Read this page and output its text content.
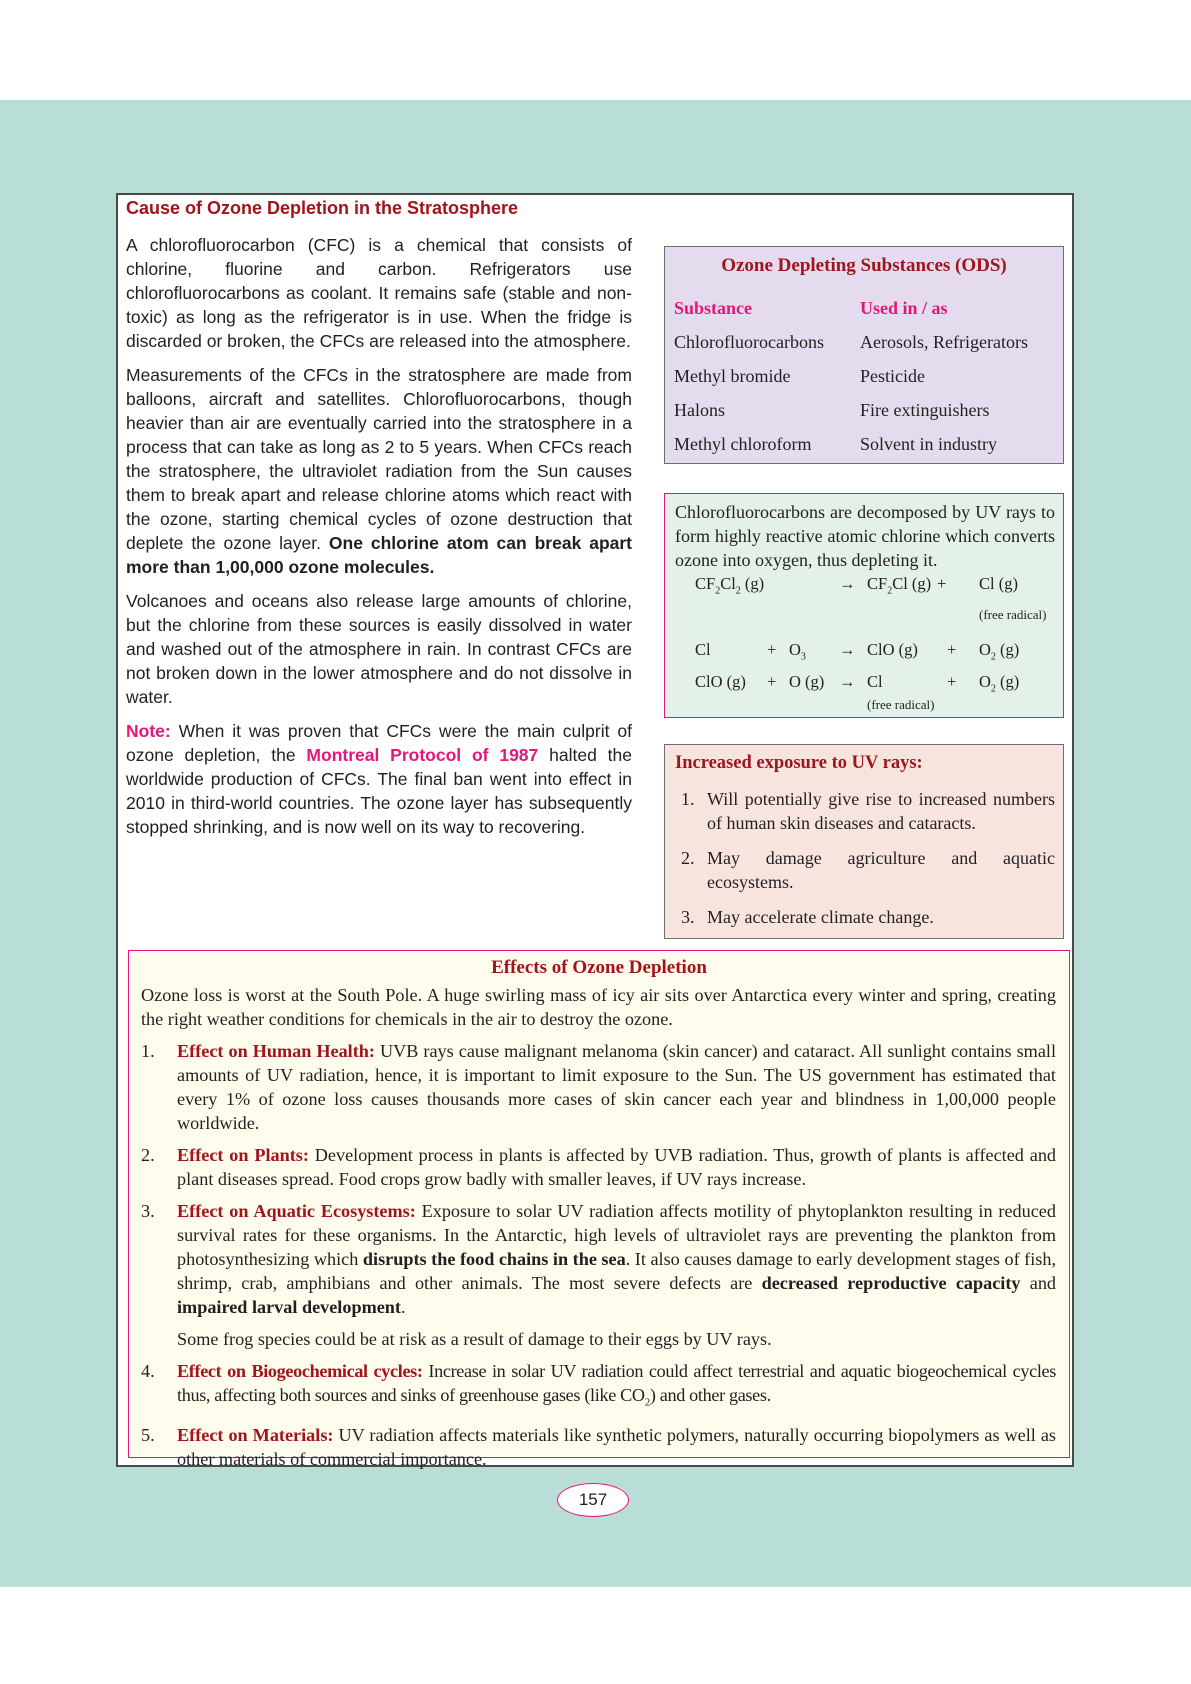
Cause of Ozone Depletion in the Stratosphere

A chlorofluorocarbon (CFC) is a chemical that consists of chlorine, fluorine and carbon. Refrigerators use chlorofluorocarbons as coolant. It remains safe (stable and non-toxic) as long as the refrigerator is in use. When the fridge is discarded or broken, the CFCs are released into the atmosphere.

Measurements of the CFCs in the stratosphere are made from balloons, aircraft and satellites. Chlorofluorocarbons, though heavier than air are eventually carried into the stratosphere in a process that can take as long as 2 to 5 years. When CFCs reach the stratosphere, the ultraviolet radiation from the Sun causes them to break apart and release chlorine atoms which react with the ozone, starting chemical cycles of ozone destruction that deplete the ozone layer. One chlorine atom can break apart more than 1,00,000 ozone molecules.

Volcanoes and oceans also release large amounts of chlorine, but the chlorine from these sources is easily dissolved in water and washed out of the atmosphere in rain. In contrast CFCs are not broken down in the lower atmosphere and do not dissolve in water.

Note: When it was proven that CFCs were the main culprit of ozone depletion, the Montreal Protocol of 1987 halted the worldwide production of CFCs. The final ban went into effect in 2010 in third-world countries. The ozone layer has subsequently stopped shrinking, and is now well on its way to recovering.

Ozone Depleting Substances (ODS)
Substance	Used in / as
Chlorofluorocarbons	Aerosols, Refrigerators
Methyl bromide	Pesticide
Halons	Fire extinguishers
Methyl chloroform	Solvent in industry
Chlorofluorocarbons are decomposed by UV rays to form highly reactive atomic chlorine which converts ozone into oxygen, thus depleting it.
$CF_2Cl_2$ (g)	→ $CF_2Cl$ (g) + Cl (g)
(free radical)
Cl	+ $O_3$ → ClO $(g) + O_2$ (g)
ClO (g) + O (g) → Cl	+ $O_2$ (g)
(free radical)
Increased exposure to UV rays:
1. Will potentially give rise to increased numbers of human skin diseases and cataracts.
2. May damage agriculture and aquatic ecosystems.
3. May accelerate climate change.
Effects of Ozone Depletion
Ozone loss is worst at the South Pole. A huge swirling mass of icy air sits over Antarctica every winter and spring, creating the right weather conditions for chemicals in the air to destroy the ozone.
1.	Effect on Human Health: UVB rays cause malignant melanoma (skin cancer) and cataract. All sunlight contains small amounts of UV radiation, hence, it is important to limit exposure to the Sun. The US government has estimated that every 1% of ozone loss causes thousands more cases of skin cancer each year and blindness in 1,00,000 people worldwide.
2.	Effect on Plants: Development process in plants is affected by UVB radiation. Thus, growth of plants is affected and plant diseases spread. Food crops grow badly with smaller leaves, if UV rays increase.
3.	Effect on Aquatic Ecosystems: Exposure to solar UV radiation affects motility of phytoplankton resulting in reduced survival rates for these organisms. In the Antarctic, high levels of ultraviolet rays are preventing the plankton from photosynthesizing which disrupts the food chains in the sea. It also causes damage to early development stages of fish, shrimp, crab, amphibians and other animals. The most severe defects are decreased reproductive capacity and impaired larval development.

Some frog species could be at risk as a result of damage to their eggs by UV rays.

4.	Effect on Biogeochemical cycles: Increase in solar UV radiation could affect terrestrial and aquatic biogeochemical cycles thus, affecting both sources and sinks of greenhouse gases (like $CO_2$) and other gases.
5.	Effect on Materials: UV radiation affects materials like synthetic polymers, naturally occurring biopolymers as well as other materials of commercial importance.
157
